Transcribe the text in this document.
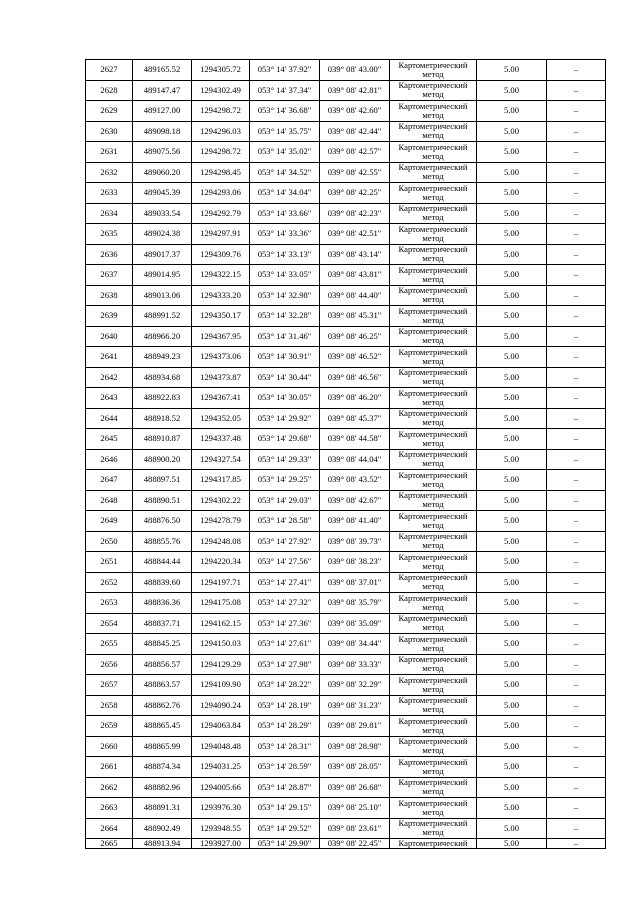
2627	489165.52	1294305.72	053° 14' 37.92"	039° 08' 43.00"	Картометрический метод	5.00	–
2628	489147.47	1294302.49	053° 14' 37.34"	039° 08' 42.81"	Картометрический метод	5.00	–
2629	489127.00	1294298.72	053° 14' 36.68"	039° 08' 42.60"	Картометрический метод	5.00	–
2630	489098.18	1294296.03	053° 14' 35.75"	039° 08' 42.44"	Картометрический метод	5.00	–
2631	489075.56	1294298.72	053° 14' 35.02"	039° 08' 42.57"	Картометрический метод	5.00	–
2632	489060.20	1294298.45	053° 14' 34.52"	039° 08' 42.55"	Картометрический метод	5.00	–
2633	489045.39	1294293.06	053° 14' 34.04"	039° 08' 42.25"	Картометрический метод	5.00	–
2634	489033.54	1294292.79	053° 14' 33.66"	039° 08' 42.23"	Картометрический метод	5.00	–
2635	489024.38	1294297.91	053° 14' 33.36"	039° 08' 42.51"	Картометрический метод	5.00	–
2636	489017.37	1294309.76	053° 14' 33.13"	039° 08' 43.14"	Картометрический метод	5.00	–
2637	489014.95	1294322.15	053° 14' 33.05"	039° 08' 43.81"	Картометрический метод	5.00	–
2638	489013.06	1294333.20	053° 14' 32.98"	039° 08' 44.40"	Картометрический метод	5.00	–
2639	488991.52	1294350.17	053° 14' 32.28"	039° 08' 45.31"	Картометрический метод	5.00	–
2640	488966.20	1294367.95	053° 14' 31.46"	039° 08' 46.25"	Картометрический метод	5.00	–
2641	488949.23	1294373.06	053° 14' 30.91"	039° 08' 46.52"	Картометрический метод	5.00	–
2642	488934.68	1294373.87	053° 14' 30.44"	039° 08' 46.56"	Картометрический метод	5.00	–
2643	488922.83	1294367.41	053° 14' 30.05"	039° 08' 46.20"	Картометрический метод	5.00	–
2644	488918.52	1294352.05	053° 14' 29.92"	039° 08' 45.37"	Картометрический метод	5.00	–
2645	488910.87	1294337.48	053° 14' 29.68"	039° 08' 44.58"	Картометрический метод	5.00	–
2646	488900.20	1294327.54	053° 14' 29.33"	039° 08' 44.04"	Картометрический метод	5.00	–
2647	488897.51	1294317.85	053° 14' 29.25"	039° 08' 43.52"	Картометрический метод	5.00	–
2648	488890.51	1294302.22	053° 14' 29.03"	039° 08' 42.67"	Картометрический метод	5.00	–
2649	488876.50	1294278.79	053° 14' 28.58"	039° 08' 41.40"	Картометрический метод	5.00	–
2650	488855.76	1294248.08	053° 14' 27.92"	039° 08' 39.73"	Картометрический метод	5.00	–
2651	488844.44	1294220.34	053° 14' 27.56"	039° 08' 38.23"	Картометрический метод	5.00	–
2652	488839.60	1294197.71	053° 14' 27.41"	039° 08' 37.01"	Картометрический метод	5.00	–
2653	488836.36	1294175.08	053° 14' 27.32"	039° 08' 35.79"	Картометрический метод	5.00	–
2654	488837.71	1294162.15	053° 14' 27.36"	039° 08' 35.09"	Картометрический метод	5.00	–
2655	488845.25	1294150.03	053° 14' 27.61"	039° 08' 34.44"	Картометрический метод	5.00	–
2656	488856.57	1294129.29	053° 14' 27.98"	039° 08' 33.33"	Картометрический метод	5.00	–
2657	488863.57	1294109.90	053° 14' 28.22"	039° 08' 32.29"	Картометрический метод	5.00	–
2658	488862.76	1294090.24	053° 14' 28.19"	039° 08' 31.23"	Картометрический метод	5.00	–
2659	488865.45	1294063.84	053° 14' 28.29"	039° 08' 29.81"	Картометрический метод	5.00	–
2660	488865.99	1294048.48	053° 14' 28.31"	039° 08' 28.98"	Картометрический метод	5.00	–
2661	488874.34	1294031.25	053° 14' 28.59"	039° 08' 28.05"	Картометрический метод	5.00	–
2662	488882.96	1294005.66	053° 14' 28.87"	039° 08' 26.68"	Картометрический метод	5.00	–
2663	488891.31	1293976.30	053° 14' 29.15"	039° 08' 25.10"	Картометрический метод	5.00	–
2664	488902.49	1293948.55	053° 14' 29.52"	039° 08' 23.61"	Картометрический метод	5.00	–
2665	488913.94	1293927.00	053° 14' 29.90"	039° 08' 22.45"	Картометрический	5.00	–
